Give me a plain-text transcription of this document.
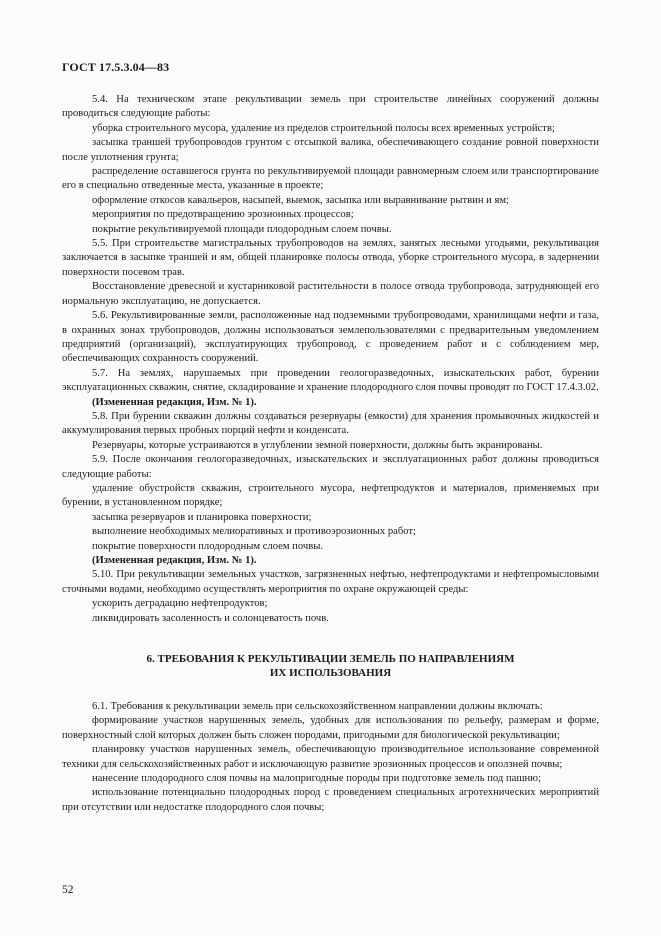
ГОСТ 17.5.3.04—83

5.4. На техническом этапе рекультивации земель при строительстве линейных сооружений должны проводиться следующие работы:

уборка строительного мусора, удаление из пределов строительной полосы всех временных устройств;

засыпка траншей трубопроводов грунтом с отсыпкой валика, обеспечивающего создание ровной поверхности после уплотнения грунта;

распределение оставшегося грунта по рекультивируемой площади равномерным слоем или транспортирование его в специально отведенные места, указанные в проекте;

оформление откосов кавальеров, насыпей, выемок, засыпка или выравнивание рытвин и ям;

мероприятия по предотвращению эрозионных процессов;

покрытие рекультивируемой площади плодородным слоем почвы.

5.5. При строительстве магистральных трубопроводов на землях, занятых лесными угодьями, рекультивация заключается в засыпке траншей и ям, общей планировке полосы отвода, уборке строительного мусора, в задернении поверхности посевом трав.

Восстановление древесной и кустарниковой растительности в полосе отвода трубопровода, затрудняющей его нормальную эксплуатацию, не допускается.

5.6. Рекультивированные земли, расположенные над подземными трубопроводами, хранилищами нефти и газа, в охранных зонах трубопроводов, должны использоваться землепользователями с предварительным уведомлением предприятий (организаций), эксплуатирующих трубопровод, с проведением работ и с соблюдением мер, обеспечивающих сохранность сооружений.

5.7. На землях, нарушаемых при проведении геологоразведочных, изыскательских работ, бурении эксплуатационных скважин, снятие, складирование и хранение плодородного слоя почвы проводят по ГОСТ 17.4.3.02.

(Измененная редакция, Изм. № 1).

5.8. При бурении скважин должны создаваться резервуары (емкости) для хранения промывочных жидкостей и аккумулирования первых пробных порций нефти и конденсата.

Резервуары, которые устраиваются в углублении земной поверхности, должны быть экранированы.

5.9. После окончания геологоразведочных, изыскательских и эксплуатационных работ должны проводиться следующие работы:

удаление обустройств скважин, строительного мусора, нефтепродуктов и материалов, применяемых при бурении, в установленном порядке;

засыпка резервуаров и планировка поверхности;

выполнение необходимых мелиоративных и противоэрозионных работ;

покрытие поверхности плодородным слоем почвы.

(Измененная редакция, Изм. № 1).

5.10. При рекультивации земельных участков, загрязненных нефтью, нефтепродуктами и нефтепромысловыми сточными водами, необходимо осуществлять мероприятия по охране окружающей среды:

ускорить деградацию нефтепродуктов;

ликвидировать засоленность и солонцеватость почв.

6. ТРЕБОВАНИЯ К РЕКУЛЬТИВАЦИИ ЗЕМЕЛЬ ПО НАПРАВЛЕНИЯМ
ИХ ИСПОЛЬЗОВАНИЯ

6.1. Требования к рекультивации земель при сельскохозяйственном направлении должны включать:

формирование участков нарушенных земель, удобных для использования по рельефу, размерам и форме, поверхностный слой которых должен быть сложен породами, пригодными для биологической рекультивации;

планировку участков нарушенных земель, обеспечивающую производительное использование современной техники для сельскохозяйственных работ и исключающую развитие эрозионных процессов и оползней почвы;

нанесение плодородного слоя почвы на малопригодные породы при подготовке земель под пашню;

использование потенциально плодородных пород с проведением специальных агротехнических мероприятий при отсутствии или недостатке плодородного слоя почвы;

52
